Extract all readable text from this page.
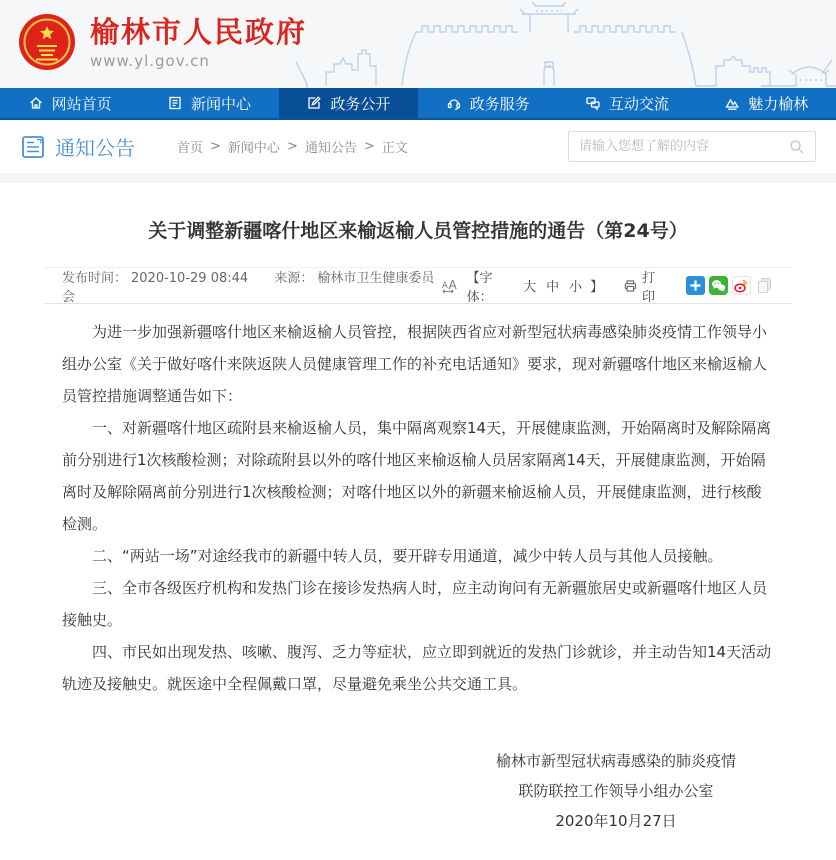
榆林市人民政府
www.yl.gov.cn
网站首页	新闻中心	政务公开	政务服务	互动交流	魅力榆林
通知公告	首页 > 新闻中心 > 通知公告 > 正文
请输入您想了解的内容
关于调整新疆喀什地区来榆返榆人员管控措施的通告（第24号）
发布时间： 2020-10-29 08:44 来源： 榆林市卫生健康委员会
A A 【字体：
大 中 小 】
打印

为进一步加强新疆喀什地区来榆返榆人员管控，根据陕西省应对新型冠状病毒感染肺炎疫情工作领导小组办公室《关于做好喀什来陕返陕人员健康管理工作的补充电话通知》要求，现对新疆喀什地区来榆返榆人员管控措施调整通告如下：

一、对新疆喀什地区疏附县来榆返榆人员，集中隔离观察14天，开展健康监测，开始隔离时及解除隔离前分别进行1次核酸检测；对除疏附县以外的喀什地区来榆返榆人员居家隔离14天，开展健康监测，开始隔离时及解除隔离前分别进行1次核酸检测；对喀什地区以外的新疆来榆返榆人员，开展健康监测，进行核酸检测。

二、“两站一场”对途经我市的新疆中转人员，要开辟专用通道，减少中转人员与其他人员接触。

三、全市各级医疗机构和发热门诊在接诊发热病人时，应主动询问有无新疆旅居史或新疆喀什地区人员接触史。

四、市民如出现发热、咳嗽、腹泻、乏力等症状，应立即到就近的发热门诊就诊，并主动告知14天活动轨迹及接触史。就医途中全程佩戴口罩，尽量避免乘坐公共交通工具。

榆林市新型冠状病毒感染的肺炎疫情
联防联控工作领导小组办公室
2020年10月27日
